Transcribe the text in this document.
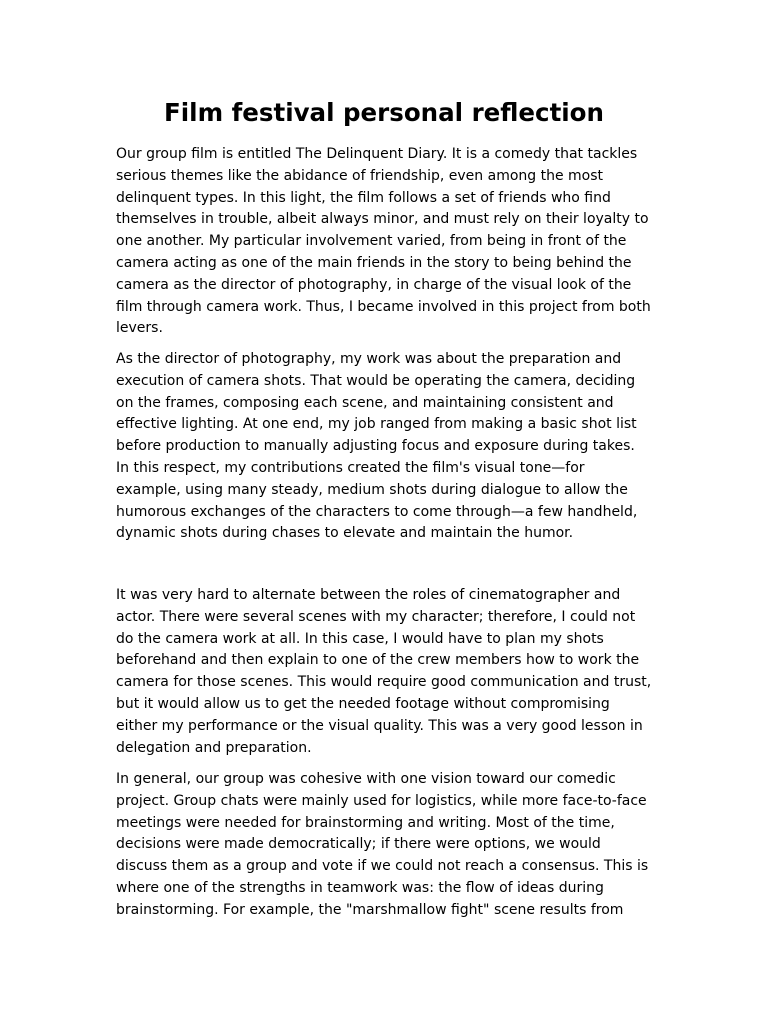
Film festival personal reflection

Our group film is entitled The Delinquent Diary. It is a comedy that tackles serious themes like the abidance of friendship, even among the most delinquent types. In this light, the film follows a set of friends who find themselves in trouble, albeit always minor, and must rely on their loyalty to one another. My particular involvement varied, from being in front of the camera acting as one of the main friends in the story to being behind the camera as the director of photography, in charge of the visual look of the film through camera work. Thus, I became involved in this project from both levers.

As the director of photography, my work was about the preparation and execution of camera shots. That would be operating the camera, deciding on the frames, composing each scene, and maintaining consistent and effective lighting. At one end, my job ranged from making a basic shot list before production to manually adjusting focus and exposure during takes. In this respect, my contributions created the film's visual tone—for example, using many steady, medium shots during dialogue to allow the humorous exchanges of the characters to come through—a few handheld, dynamic shots during chases to elevate and maintain the humor.

It was very hard to alternate between the roles of cinematographer and actor. There were several scenes with my character; therefore, I could not do the camera work at all. In this case, I would have to plan my shots beforehand and then explain to one of the crew members how to work the camera for those scenes. This would require good communication and trust, but it would allow us to get the needed footage without compromising either my performance or the visual quality. This was a very good lesson in delegation and preparation.

In general, our group was cohesive with one vision toward our comedic project. Group chats were mainly used for logistics, while more face-to-face meetings were needed for brainstorming and writing. Most of the time, decisions were made democratically; if there were options, we would discuss them as a group and vote if we could not reach a consensus. This is where one of the strengths in teamwork was: the flow of ideas during brainstorming. For example, the "marshmallow fight" scene results from
